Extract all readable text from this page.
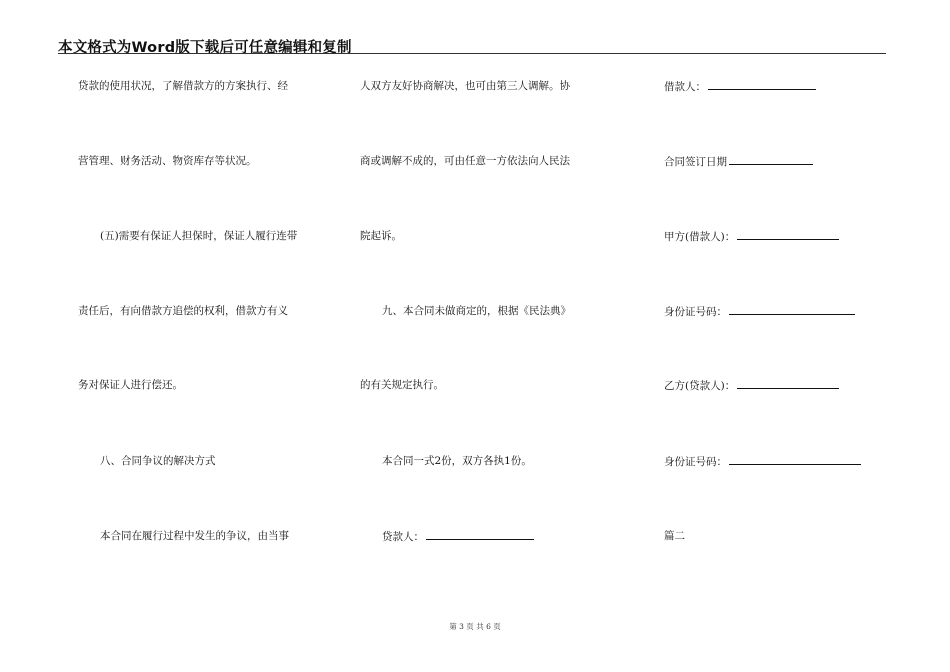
本文格式为Word版下载后可任意编辑和复制
贷款的使用状况，了解借款方的方案执行、经
营管理、财务活动、物资库存等状况。
(五)需要有保证人担保时，保证人履行连带
责任后，有向借款方追偿的权利，借款方有义
务对保证人进行偿还。
八、合同争议的解决方式
本合同在履行过程中发生的争议，由当事
人双方友好协商解决，也可由第三人调解。协
商或调解不成的，可由任意一方依法向人民法
院起诉。
九、本合同未做商定的，根据《民法典》
的有关规定执行。
本合同一式2份，双方各执1份。
贷款人：
借款人：
合同签订日期
甲方(借款人)：
身份证号码：
乙方(贷款人)：
身份证号码：
篇二
第 3 页 共 6 页
